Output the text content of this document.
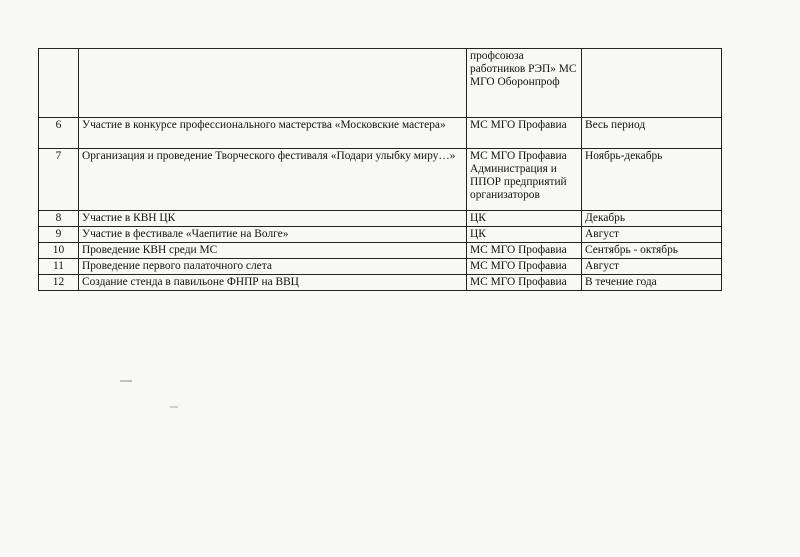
		профсоюза работников РЭП» МС МГО Оборонпроф	
6	Участие в конкурсе профессионального мастерства «Московские мастера»	МС МГО Профавиа	Весь период
7	Организация и проведение Творческого фестиваля «Подари улыбку миру…»	МС МГО Профавиа Администрация и ППОР предприятий организаторов	Ноябрь-декабрь
8	Участие в КВН ЦК	ЦК	Декабрь
9	Участие в фестивале «Чаепитие на Волге»	ЦК	Август
10	Проведение КВН среди МС	МС МГО Профавиа	Сентябрь - октябрь
11	Проведение первого палаточного слета	МС МГО Профавиа	Август
12	Создание стенда в павильоне ФНПР на ВВЦ	МС МГО Профавиа	В течение года
